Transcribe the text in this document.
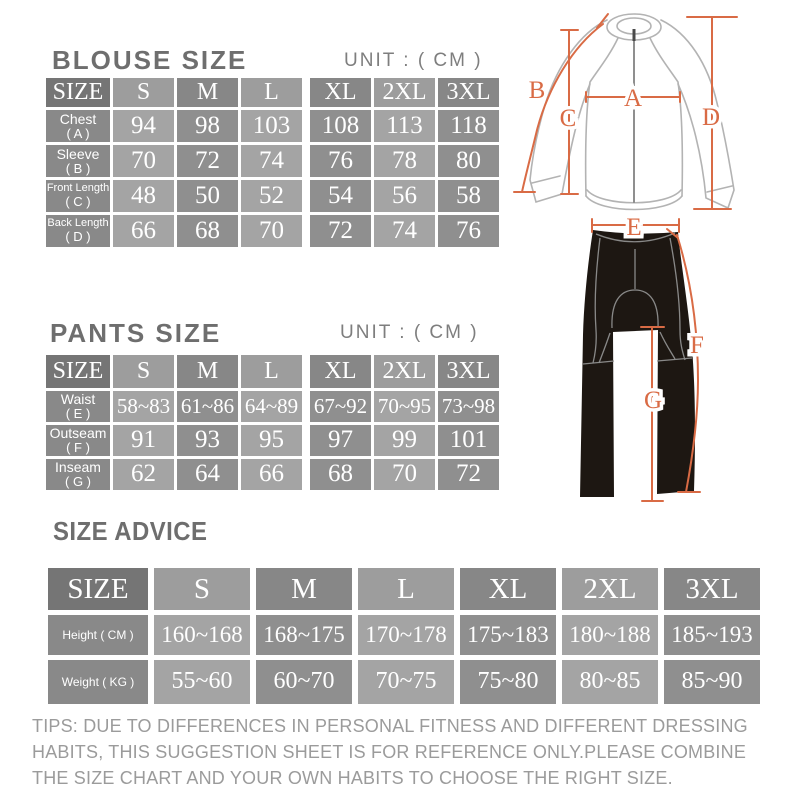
BLOUSE SIZE	UNIT : ( CM )
SIZE	S	M	L	XL	2XL 3XL
Chest
( A )	94	98	103	108	113	118
Sleeve
( B )	70	72	74	76	78	80
Front Length
( C )	48	50	52	54	56	58
Back Length
( D )	66	68	70	72	74	76
PANTS SIZE	UNIT : ( CM )
SIZE	S	M	L	XL	2XL 3XL
Waist
( E ) 58~83 61~86 64~89 67~92 70~95 73~98
Outseam
( F )	91	93	95	97	99	101
Inseam
( G )	62	64	66	68	70	72
SIZE ADVICE
SIZE	S	M	L	XL	2XL	3XL
Height ( CM )	160~168 168~175 170~178 175~183 180~188 185~193
Weight ( KG )	55~60	60~70	70~75	75~80	80~85	85~90
TIPS: DUE TO DIFFERENCES IN PERSONAL FITNESS AND DIFFERENT DRESSING
HABITS, THIS SUGGESTION SHEET IS FOR REFERENCE ONLY.PLEASE COMBINE
THE SIZE CHART AND YOUR OWN HABITS TO CHOOSE THE RIGHT SIZE.
A
B
C	D
E
F
G
